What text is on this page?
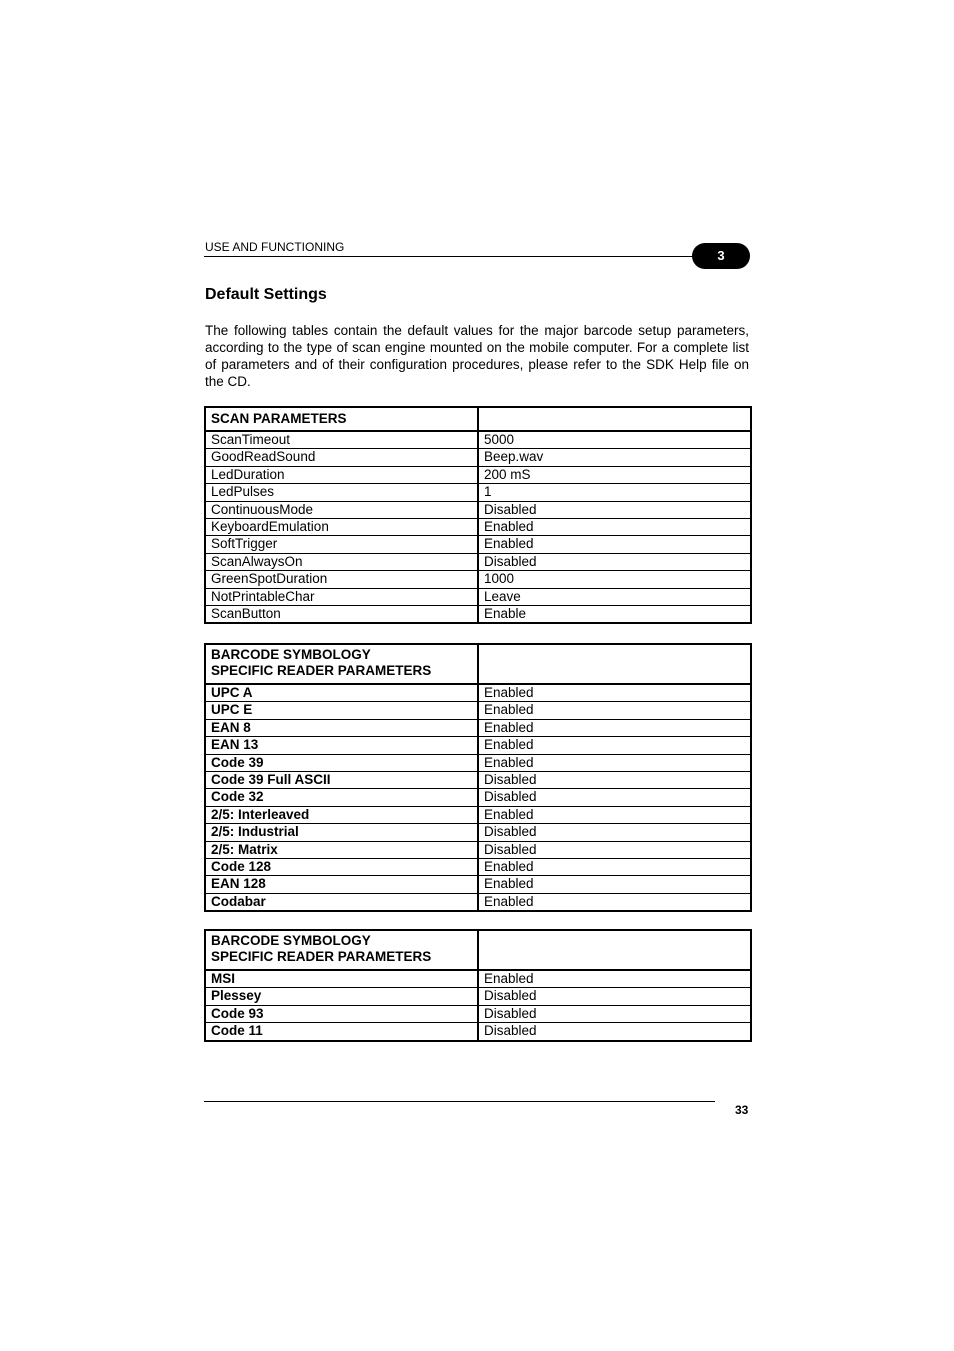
USE AND FUNCTIONING
3
Default Settings

The following tables contain the default values for the major barcode setup parameters, according to the type of scan engine mounted on the mobile computer. For a complete list of parameters and of their configuration procedures, please refer to the SDK Help file on the CD.

SCAN PARAMETERS	
ScanTimeout	5000
GoodReadSound	Beep.wav
LedDuration	200 mS
LedPulses	1
ContinuousMode	Disabled
KeyboardEmulation	Enabled
SoftTrigger	Enabled
ScanAlwaysOn	Disabled
GreenSpotDuration	1000
NotPrintableChar	Leave
ScanButton	Enable
BARCODE SYMBOLOGY
SPECIFIC READER PARAMETERS	
UPC A	Enabled
UPC E	Enabled
EAN 8	Enabled
EAN 13	Enabled
Code 39	Enabled
Code 39 Full ASCII	Disabled
Code 32	Disabled
2/5: Interleaved	Enabled
2/5: Industrial	Disabled
2/5: Matrix	Disabled
Code 128	Enabled
EAN 128	Enabled
Codabar	Enabled
BARCODE SYMBOLOGY
SPECIFIC READER PARAMETERS	
MSI	Enabled
Plessey	Disabled
Code 93	Disabled
Code 11	Disabled
33
